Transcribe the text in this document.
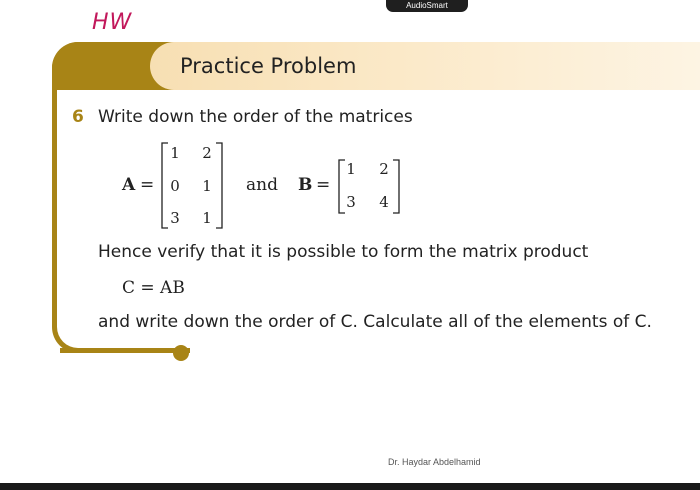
AudioSmart
HW
Practice Problem
6 Write down the order of the matrices
A =
1 2
0 1
3 1
and B =
1 2
3 4
Hence verify that it is possible to form the matrix product
C = AB
and write down the order of C. Calculate all of the elements of C.
Dr. Haydar Abdelhamid
